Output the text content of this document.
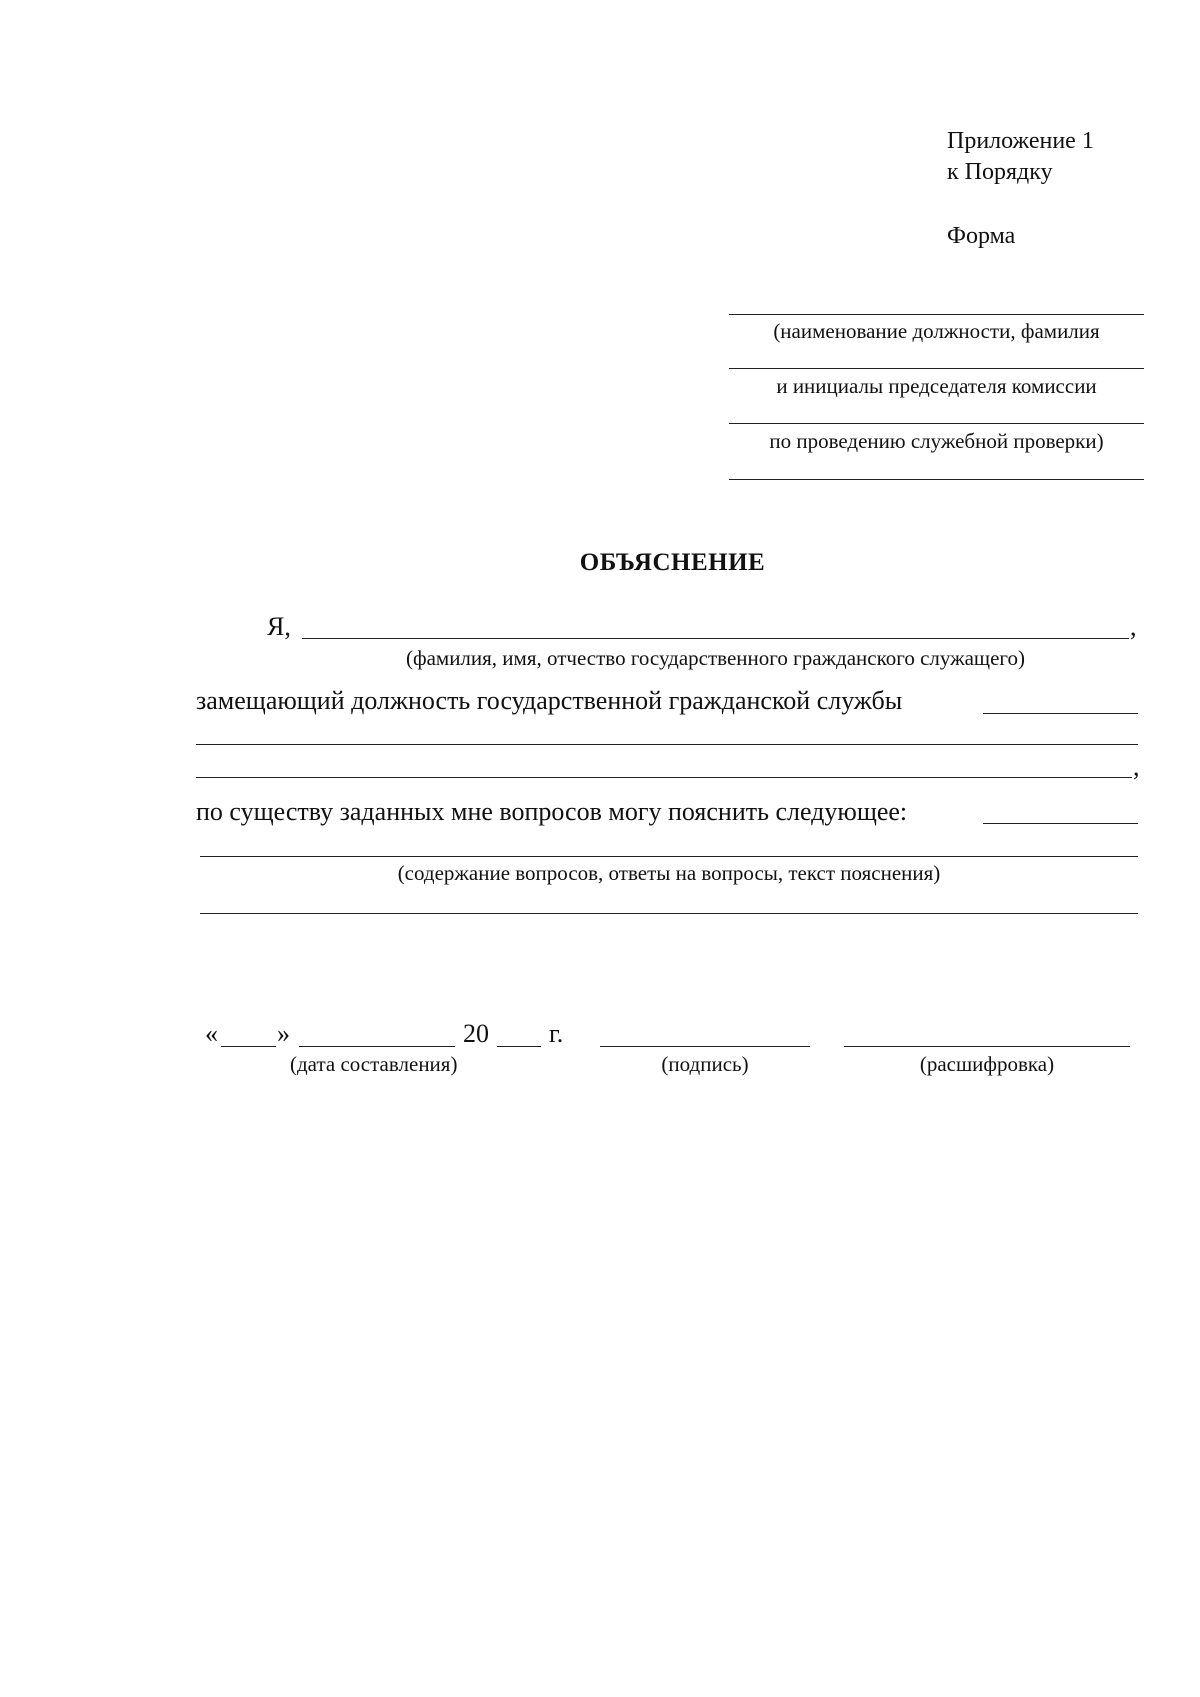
Приложение 1
к Порядку
Форма
(наименование должности, фамилия
и инициалы председателя комиссии
по проведению служебной проверки)
ОБЪЯСНЕНИЕ
Я,	,
(фамилия, имя, отчество государственного гражданского служащего)
замещающий должность государственной гражданской службы
,
по существу заданных мне вопросов могу пояснить следующее:
(содержание вопросов, ответы на вопросы, текст пояснения)
« »	20 г.
(дата составления)	(подпись)	(расшифровка)
